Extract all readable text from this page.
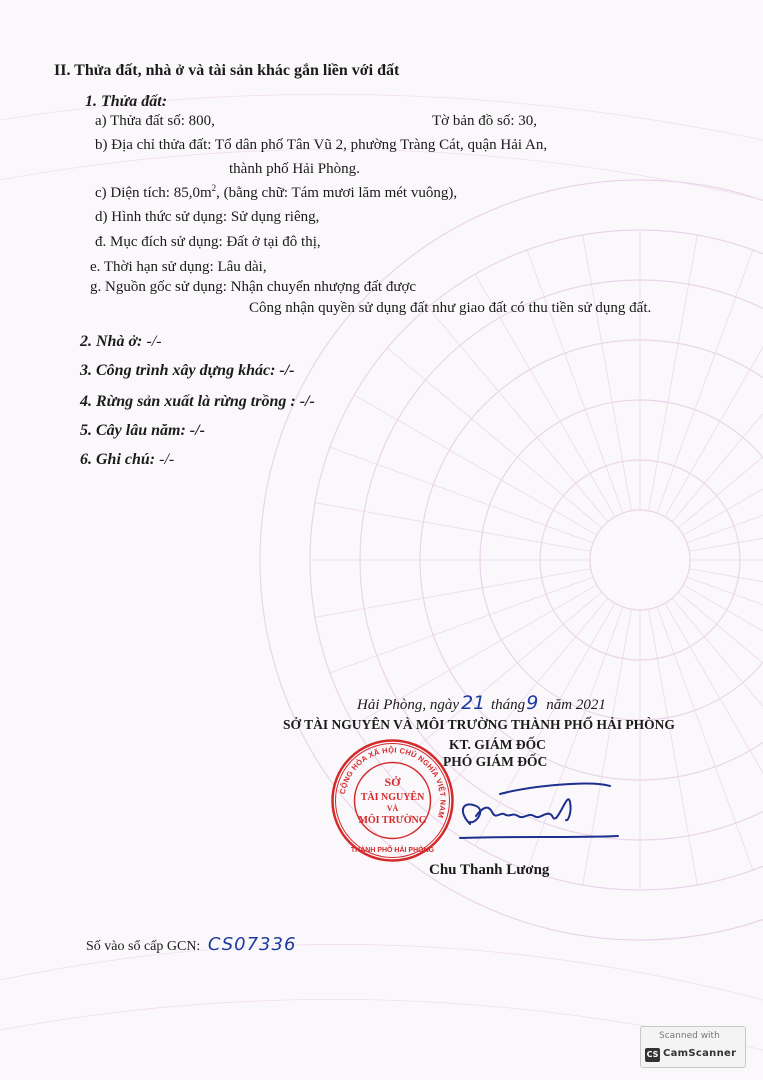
II. Thửa đất, nhà ở và tài sản khác gắn liền với đất
1. Thửa đất:
a) Thửa đất số: 800,	Tờ bản đồ số: 30,
b) Địa chỉ thửa đất: Tổ dân phố Tân Vũ 2, phường Tràng Cát, quận Hải An,
thành phố Hải Phòng.
c) Diện tích: $85,0m^2$, (bằng chữ: Tám mươi lăm mét vuông),
d) Hình thức sử dụng: Sử dụng riêng,
đ. Mục đích sử dụng: Đất ở tại đô thị,
e. Thời hạn sử dụng: Lâu dài,
g. Nguồn gốc sử dụng: Nhận chuyển nhượng đất được
Công nhận quyền sử dụng đất như giao đất có thu tiền sử dụng đất.
2. Nhà ở: -/-
3. Công trình xây dựng khác: -/-
4. Rừng sản xuất là rừng trồng : -/-
5. Cây lâu năm: -/-
6. Ghi chú: -/-
Hải Phòng, ngày 21 tháng9 năm 2021
SỞ TÀI NGUYÊN VÀ MÔI TRƯỜNG THÀNH PHỐ HẢI PHÒNG
KT. GIÁM ĐỐC
PHÓ GIÁM ĐỐC
CỘNG HÒA XÃ HỘI CHỦ NGHĨA VIỆT NAM
THÀNH PHỐ HẢI PHÒNG
SỞ
TÀI NGUYÊN
VÀ
MÔI TRƯỜNG
Chu Thanh Lương
Số vào sổ cấp GCN: CS07336
Scanned with
CS CamScanner
